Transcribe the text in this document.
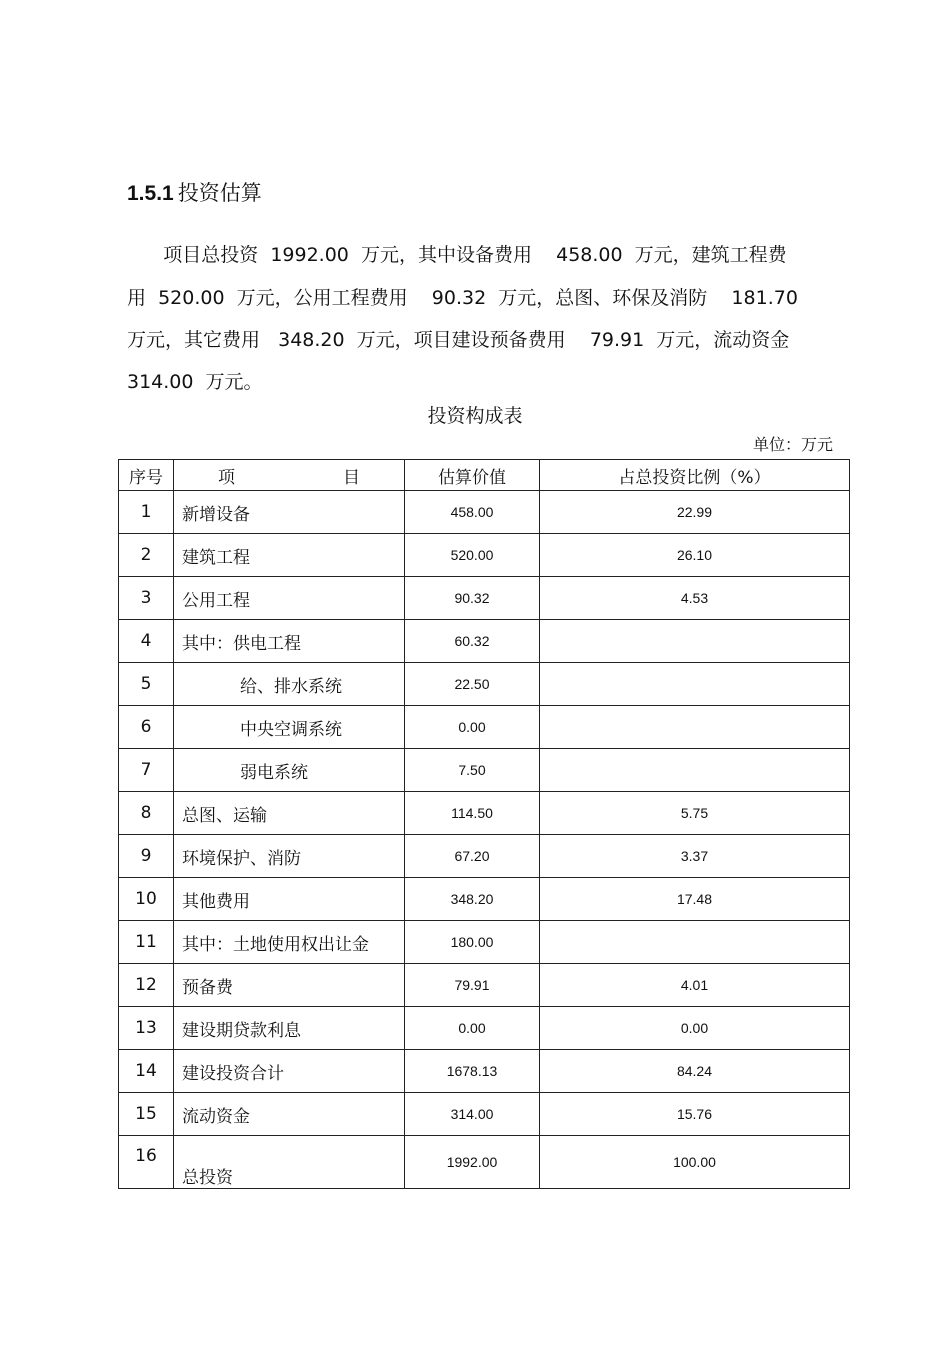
1.5.1 投资估算
项目总投资  1992.00  万元，其中设备费用    458.00  万元，建筑工程费
用  520.00  万元，公用工程费用    90.32  万元，总图、环保及消防    181.70
万元，其它费用   348.20  万元，项目建设预备费用    79.91  万元，流动资金
314.00  万元。
投资构成表
单位：万元
序号	项                    目	估算价值	占总投资比例（%）
1	新增设备	458.00	22.99
2	建筑工程	520.00	26.10
3	公用工程	90.32	4.53
4	其中：供电工程	60.32	
5	给、排水系统	22.50	
6	中央空调系统	0.00	
7	弱电系统	7.50	
8	总图、运输	114.50	5.75
9	环境保护、消防	67.20	3.37
10	其他费用	348.20	17.48
11	其中：土地使用权出让金	180.00	
12	预备费	79.91	4.01
13	建设期贷款利息	0.00	0.00
14	建设投资合计	1678.13	84.24
15	流动资金	314.00	15.76
16	总投资	1992.00	100.00
